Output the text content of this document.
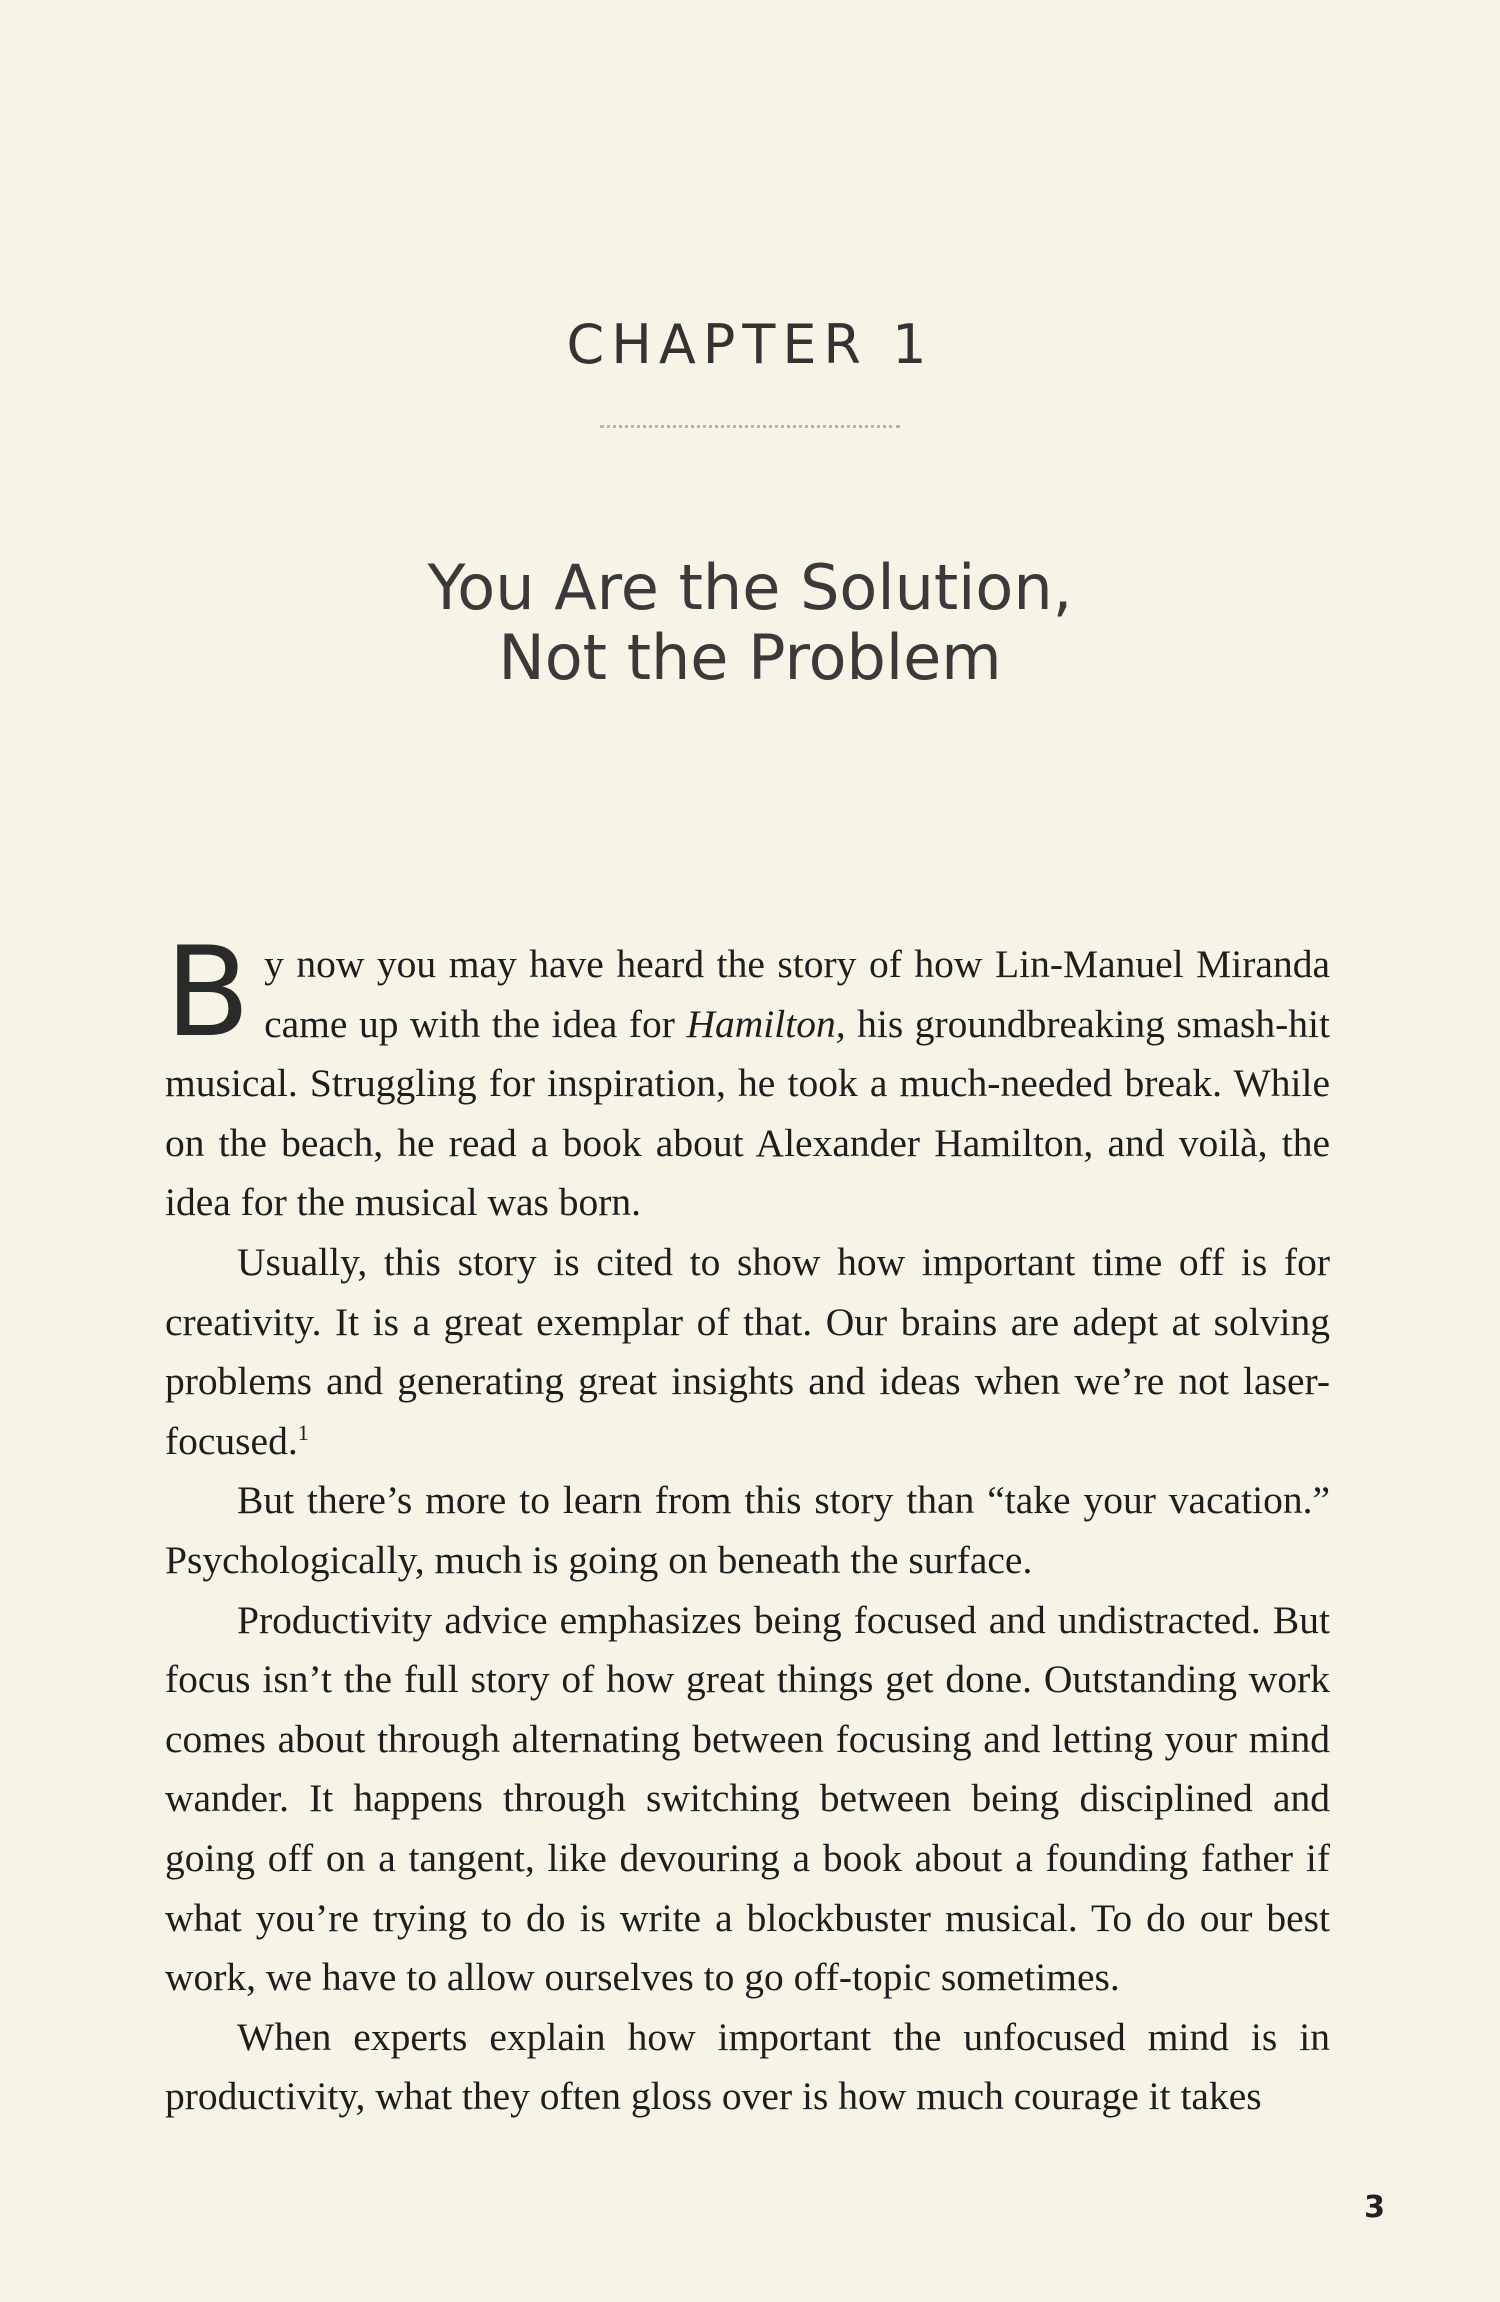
CHAPTER 1
You Are the Solution,
Not the Problem

By now you may have heard the story of how Lin-Manuel Miranda came up with the idea for Hamilton, his groundbreaking smash-hit musical. Struggling for inspiration, he took a much-needed break. While on the beach, he read a book about Alexander Hamilton, and voilà, the idea for the musical was born.

Usually, this story is cited to show how important time off is for creativity. It is a great exemplar of that. Our brains are adept at solving problems and generating great insights and ideas when we’re not laser-focused.$^1$

But there’s more to learn from this story than “take your vacation.” Psychologically, much is going on beneath the surface.

Productivity advice emphasizes being focused and undistracted. But focus isn’t the full story of how great things get done. Outstanding work comes about through alternating between focusing and letting your mind wander. It happens through switching between being disciplined and going off on a tangent, like devouring a book about a founding father if what you’re trying to do is write a blockbuster musical. To do our best work, we have to allow ourselves to go off-topic sometimes.

When experts explain how important the unfocused mind is in productivity, what they often gloss over is how much courage it takes

3
